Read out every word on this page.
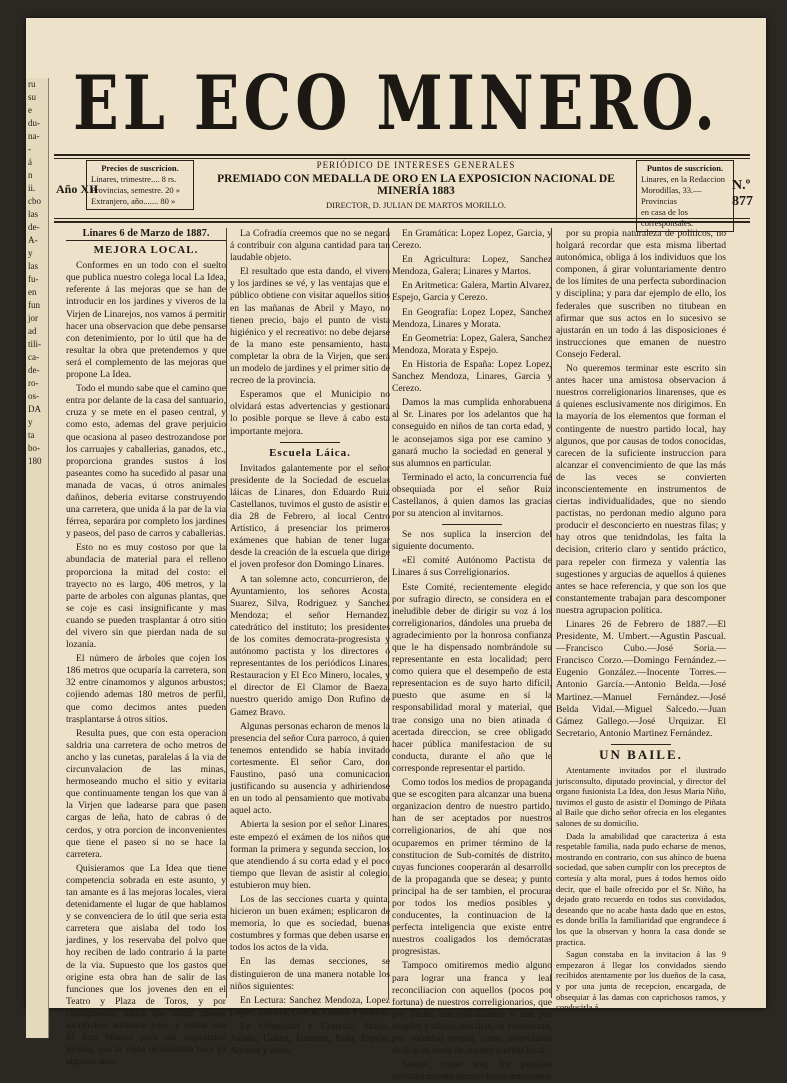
ru
su
e
du-
na-
-
á
n
ii.
cbo
las
de-
A-
y
las
fu-
en
fun
jor
ad
tili-
ca-
de-
ro-
os-
DA
y
ta
bo-
180
EL ECO MINERO.
Año XII
Precios de suscricion.
Linares, trimestre.... 8 rs.
Provincias, semestre. 20 »
Extranjero, año....... 80 »
PERIÓDICO DE INTERESES GENERALES
PREMIADO CON MEDALLA DE ORO EN LA EXPOSICION NACIONAL DE MINERÍA 1883
DIRECTOR, D. JULIAN DE MARTOS MORILLO.
Puntos de suscricion.
Linares, en la Redaccion
Morodillas, 33.—Provincias
en casa de los corresponsales.
N.º 877
Linares 6 de Marzo de 1887.
MEJORA LOCAL.

Conformes en un todo con el suelto que publica nuestro colega local La Idea, referente á las mejoras que se han de introducir en los jardines y viveros de la Virjen de Linarejos, nos vamos á permitir hacer una observacion que debe pensarse con detenimiento, por lo útil que ha de resultar la obra que pretendemos y que será el complemento de las mejoras que propone La Idea.

Todo el mundo sabe que el camino que entra por delante de la casa del santuario, cruza y se mete en el paseo central, y como esto, ademas del grave perjuicio que ocasiona al paseo destrozandose por los carruajes y caballerias, ganados, etc., proporciona grandes sustos á los paseantes como ha sucedido al pasar una manada de vacas, ú otros animales dañinos, deberia evitarse construyendo una carretera, que unida á la par de la via férrea, separára por completo los jardines y paseos, del paso de carros y caballerias.

Esto no es muy costoso por que la abundacia de material para el relleno proporciona la mitad del costo: el trayecto no es largo, 406 metros, y la parte de arboles con algunas plantas, que se coje es casi insignificante y mas cuando se pueden trasplantar á otro sitio del vivero sin que pierdan nada de su lozanía.

El número de árboles que cojen los 186 metros que ocuparía la carretera, son 32 entre cinamomos y algunos arbustos; cojiendo ademas 180 metros de perfil, que como decimos antes pueden trasplantarse á otros sitios.

Resulta pues, que con esta operacion saldria una carretera de ocho metros de ancho y las cunetas, paralelas á la via de circunvalacion de las minas, hermoseando mucho el sitio y evitaria que continuamente tengan los que van á la Virjen que ladearse para que pasen cargas de leña, hato de cabras ó de cerdos, y otra porcion de inconvenientes que tiene el paseo si no se hace la carretera.

Quisieramos que La Idea que tiene competencia sobrada en este asunto, y tan amante es á las mejoras locales, viera detenidamente el lugar de que hablamos y se convenciera de lo útil que seria esta carretera que aislaba del todo los jardines, y los reservaba del polvo que hoy reciben de lado contrario á la parte de la via. Supuesto que los gastos que origine esta obra han de salir de las funciones que los jovenes den en el Teatro y Plaza de Toros, y por consiguiente, habrá que hacer menos sacrificios; animarse pues, y contar con El Eco Minero para tan importante mejora, que la viene reclamando hace ya algunos años.

La Cofradía creemos que no se negará á contribuir con alguna cantidad para tan laudable objeto.

El resultado que esta dando, el vivero y los jardines se vé, y las ventajas que el público obtiene con visitar aquellos sitios en las mañanas de Abril y Mayo, no tienen precio, bajo el punto de vista higiénico y el recreativo: no debe dejarse de la mano este pensamiento, hasta completar la obra de la Virjen, que será un modelo de jardines y el primer sitio de recreo de la provincia.

Esperamos que el Municipio no olvidará estas advertencias y gestionará lo posible porque se lleve á cabo esta importante mejora.

Escuela Láica.

Invitados galantemente por el señor presidente de la Sociedad de escuelas láicas de Linares, don Eduardo Ruiz Castellanos, tuvimos el gusto de asistir el dia 28 de Febrero, al local Centro Artístico, á presenciar los primeros exámenes que habian de tener lugar desde la creación de la escuela que dirige el joven profesor don Domingo Linares.

A tan solemne acto, concurrieron, del Ayuntamiento, los señores Acosta, Suarez, Silva, Rodriguez y Sanchez Mendoza; el señor Hernandez, catedrático del instituto; los presidentes de los comites democrata-progresista y autónomo pactista y los directores ó representantes de los periódicos Linares, Restauracion y El Eco Minero, locales, y el director de El Clamor de Baeza, nuestro querido amigo Don Rufino de Gamez Bravo.

Algunas personas echaron de menos la presencia del señor Cura parroco, á quien tenemos entendido se había invitado cortesmente. El señor Caro, don Faustino, pasó una comunicacion justificando su ausencia y adhiriendose en un todo al pensamiento que motivaba aquel acto.

Abierta la sesion por el señor Linares, este empezó el exámen de los niños que forman la primera y segunda seccion, los que atendiendo á su corta edad y el poco tiempo que llevan de asistir al colegio, estubieron muy bien.

Los de las secciones cuarta y quinta, hicieron un buen exámen; esplicaron de memoria, lo que es sociedad, buenas costumbres y formas que deben usarse en todos los actos de la vida.

En las demas secciones, se distinguieron de una manera notable los niños siguientes:

En Lectura: Sanchez Mendoza, Lopez Lopez, Linares, Garcia, Cerezo y Martos.

En Urbanidad y Cortesía: Marin, Jurado, Galera, Granero, Peña, Espejo, Alvarez y otros.

En Gramática: Lopez Lopez, Garcia, y Cerezo.

En Agricultura: Lopez, Sanchez Mendoza, Galera; Linares y Martos.

En Aritmetica: Galera, Martin Alvarez, Espejo, Garcia y Cerezo.

En Geografía: Lopez Lopez, Sanchez Mendoza, Linares y Morata.

En Geometria: Lopez, Galera, Sanchez Mendoza, Morata y Espejo.

En Historia de España: Lopez Lopez, Sanchez Mendoza, Linares, Garcia y Cerezo.

Damos la mas cumplida enhorabuena al Sr. Linares por los adelantos que ha conseguido en niños de tan corta edad, y le aconsejamos siga por ese camino y ganará mucho la sociedad en general y sus alumnos en particular.

Terminado el acto, la concurrencia fué obsequiada por el señor Ruiz Castellanos, á quien damos las gracias por su atencion al invitarnos.

Se nos suplica la insercion del siguiente documento.

«El comité Autónomo Pactista de Linares á sus Correligionarios.

Este Comité, recientemente elegido por sufragio directo, se considera en el ineludible deber de dirigir su voz á los correligionarios, dándoles una prueba de agradecimiento por la honrosa confianza que le ha dispensado nombrándole su representante en esta localidad; pero como quiera que el desempeño de esta representacion es de suyo harto difícil, puesto que asume en sí la responsabilidad moral y material, que trae consigo una no bien atinada ó acertada direccion, se cree obligado hacer pública manifestacion de su conducta, durante el año que le corresponde representar el partido.

Como todos los medios de propaganda que se escogiten para alcanzar una buena organizacion dentro de nuestro partido, han de ser aceptados por nuestros correligionarios, de ahí que nos ocuparemos en primer término de la constitucion de Sub-comités de distrito, cuyas funciones cooperarán al desarrollo de la propaganda que se desea; y punto principal ha de ser tambien, el procurar por todos los medios posibles y conducentes, la continuacion de la perfecta inteligencia que existe entre nuestros coaligados los demócratas progresistas.

Tampoco omitiremos medio alguno para lograr una franca y leal reconciliacion con aquellos (pocos por fortuna) de nuestros correligionarios, que por fútiles susceptibilidades y aun por simples y añejas rencillas, se encuentran, por voluntad propia, como divorciados de la gran masa de nuestro partido local.

Siendo, como son, los partidos verdaderamente democráticos autónomos

por su propia naturaleza de políticos, no holgará recordar que esta misma libertad autonómica, obliga á los individuos que los componen, á girar voluntariamente dentro de los límites de una perfecta subordinacion y disciplina; y para dar ejemplo de ello, los federales que suscriben no titubean en afirmar que sus actos en lo sucesivo se ajustarán en un todo á las disposiciones é instrucciones que emanen de nuestro Consejo Federal.

No queremos terminar este escrito sin antes hacer una amistosa observacion á nuestros correligionarios linarenses, que es á quienes esclusivamente nos dirigimos. En la mayoría de los elementos que forman el contingente de nuestro partido local, hay algunos, que por causas de todos conocidas, carecen de la suficiente instruccion para alcanzar el convencimiento de que las más de las veces se convierten inconscientemente en instrumentos de ciertas individualidades, que no siendo pactistas, no perdonan medio alguno para producir el desconcierto en nuestras filas; y hay otros que tenidndolas, les falta la decision, criterio claro y sentido práctico, para repeler con firmeza y valentía las sugestiones y argucias de aquellos á quienes antes se hace referencia, y que son los que constantemente trabajan para descomponer nuestra agrupacion política.

Linares 26 de Febrero de 1887.—El Presidente, M. Umbert.—Agustin Pascual.—Francisco Cubo.—José Soria.—Francisco Corzo.—Domingo Fernández.—Eugenio González.—Inocente Torres.—Antonio García.—Antonio Belda.—José Martinez.—Manuel Fernández.—José Belda Vidal.—Miguel Salcedo.—Juan Gámez Gallego.—José Urquizar. El Secretario, Antonio Martinez Fernández.

UN BAILE.

Atentamente invitados por el ilustrado jurisconsulto, diputado provincial, y director del organo fusionista La Idea, don Jesus Maria Niño, tuvimos el gusto de asistir el Domingo de Piñata al Baile que dicho señor ofrecia en los elegantes salones de su domicilio.

Dada la amabilidad que caracteriza á esta respetable familia, nada pudo echarse de menos, mostrando en contrario, con sus ahínco de buena sociedad, que saben cumplir con los preceptos de cortesía y alta moral, pues á todos hemos oído decir, que el baile ofrecido por el Sr. Niño, ha dejado grato recuerdo en todos sus convidados, deseando que no acabe hasta dado que en estos, es donde brilla la familiaridad que engrandece á los que la observan y honra la casa donde se practica.

Sagun constaba en la invitacion á las 9 empezaron á llegar los convidados siendo recibidos atentamente por los dueños de la casa, y por una junta de recepcion, encargada, de obsequiar á las damas con caprichosos ramos, y conducirla á
